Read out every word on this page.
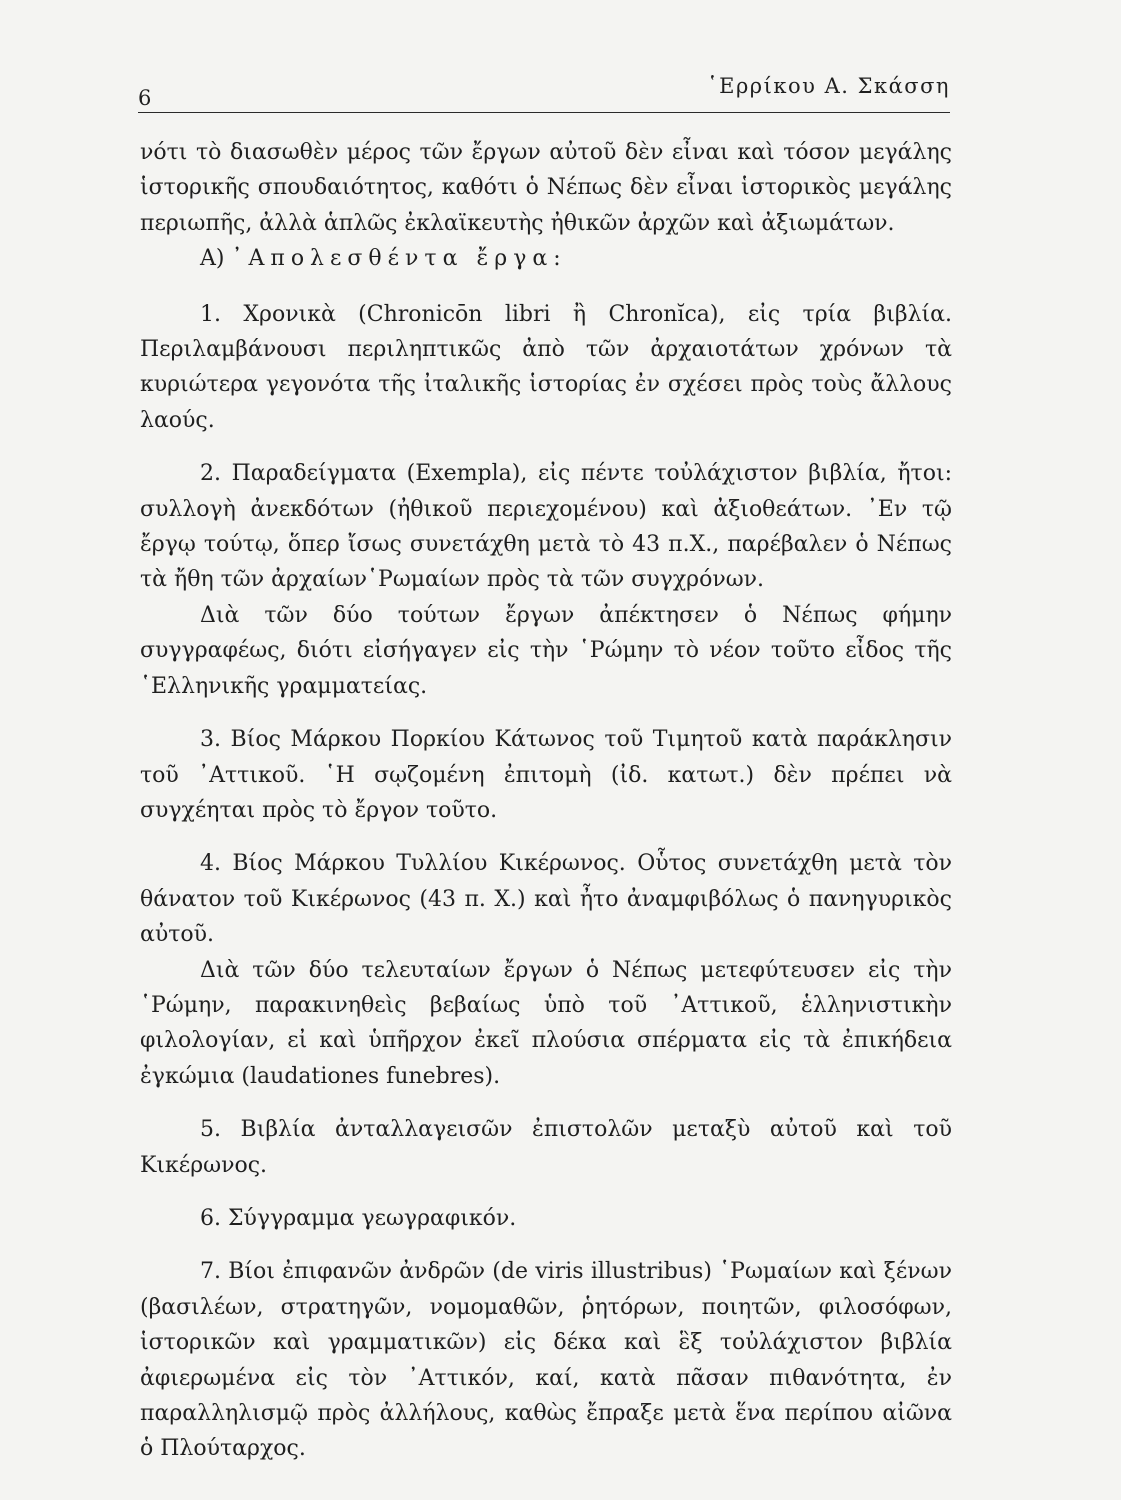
6	῾Ερρίκου Α. Σκάσση

νότι τὸ διασωθὲν μέρος τῶν ἔργων αὐτοῦ δὲν εἶναι καὶ τόσον μεγάλης ἱστορικῆς σπουδαιότητος, καθότι ὁ Νέπως δὲν εἶναι ἱστορικὸς μεγάλης περιωπῆς, ἀλλὰ ἁπλῶς ἐκλαϊκευτὴς ἠθικῶν ἀρχῶν καὶ ἀξιωμάτων.

Α) ᾿Απολεσθέντα ἔργα:

1. Χρονικὰ (Chronicōn libri ἢ Chronĭca), εἰς τρία βιβλία. Περιλαμβάνουσι περιληπτικῶς ἀπὸ τῶν ἀρχαιοτάτων χρόνων τὰ κυριώτερα γεγονότα τῆς ἰταλικῆς ἱστορίας ἐν σχέσει πρὸς τοὺς ἄλλους λαούς.

2. Παραδείγματα (Exempla), εἰς πέντε τοὐλάχιστον βιβλία, ἤτοι: συλλογὴ ἀνεκδότων (ἠθικοῦ περιεχομένου) καὶ ἀξιοθεάτων. ᾿Εν τῷ ἔργῳ τούτῳ, ὅπερ ἴσως συνετάχθη μετὰ τὸ 43 π.Χ., παρέβαλεν ὁ Νέπως τὰ ἤθη τῶν ἀρχαίων῾Ρωμαίων πρὸς τὰ τῶν συγχρόνων.

Διὰ τῶν δύο τούτων ἔργων ἀπέκτησεν ὁ Νέπως φήμην συγγραφέως, διότι εἰσήγαγεν εἰς τὴν ῾Ρώμην τὸ νέον τοῦτο εἶδος τῆς ῾Ελληνικῆς γραμματείας.

3. Βίος Μάρκου Πορκίου Κάτωνος τοῦ Τιμητοῦ κατὰ παράκλησιν τοῦ ᾿Αττικοῦ. ῾Η σῳζομένη ἐπιτομὴ (ἰδ. κατωτ.) δὲν πρέπει νὰ συγχέηται πρὸς τὸ ἔργον τοῦτο.

4. Βίος Μάρκου Τυλλίου Κικέρωνος. Οὗτος συνετάχθη μετὰ τὸν θάνατον τοῦ Κικέρωνος (43 π. Χ.) καὶ ἦτο ἀναμφιβόλως ὁ πανηγυρικὸς αὐτοῦ.

Διὰ τῶν δύο τελευταίων ἔργων ὁ Νέπως μετεφύτευσεν εἰς τὴν ῾Ρώμην, παρακινηθεὶς βεβαίως ὑπὸ τοῦ ᾿Αττικοῦ, ἑλληνιστικὴν φιλολογίαν, εἰ καὶ ὑπῆρχον ἐκεῖ πλούσια σπέρματα εἰς τὰ ἐπικήδεια ἐγκώμια (laudationes funebres).

5. Βιβλία ἀνταλλαγεισῶν ἐπιστολῶν μεταξὺ αὐτοῦ καὶ τοῦ Κικέρωνος.

6. Σύγγραμμα γεωγραφικόν.

7. Βίοι ἐπιφανῶν ἀνδρῶν (de viris illustribus) ῾Ρωμαίων καὶ ξένων (βασιλέων, στρατηγῶν, νομομαθῶν, ῥητόρων, ποιητῶν, φιλοσόφων, ἱστορικῶν καὶ γραμματικῶν) εἰς δέκα καὶ ἓξ τοὐλάχιστον βιβλία ἀφιερωμένα εἰς τὸν ᾿Αττικόν, καί, κατὰ πᾶσαν πιθανότητα, ἐν παραλληλισμῷ πρὸς ἀλλήλους, καθὼς ἔπραξε μετὰ ἕνα περίπου αἰῶνα ὁ Πλούταρχος.
